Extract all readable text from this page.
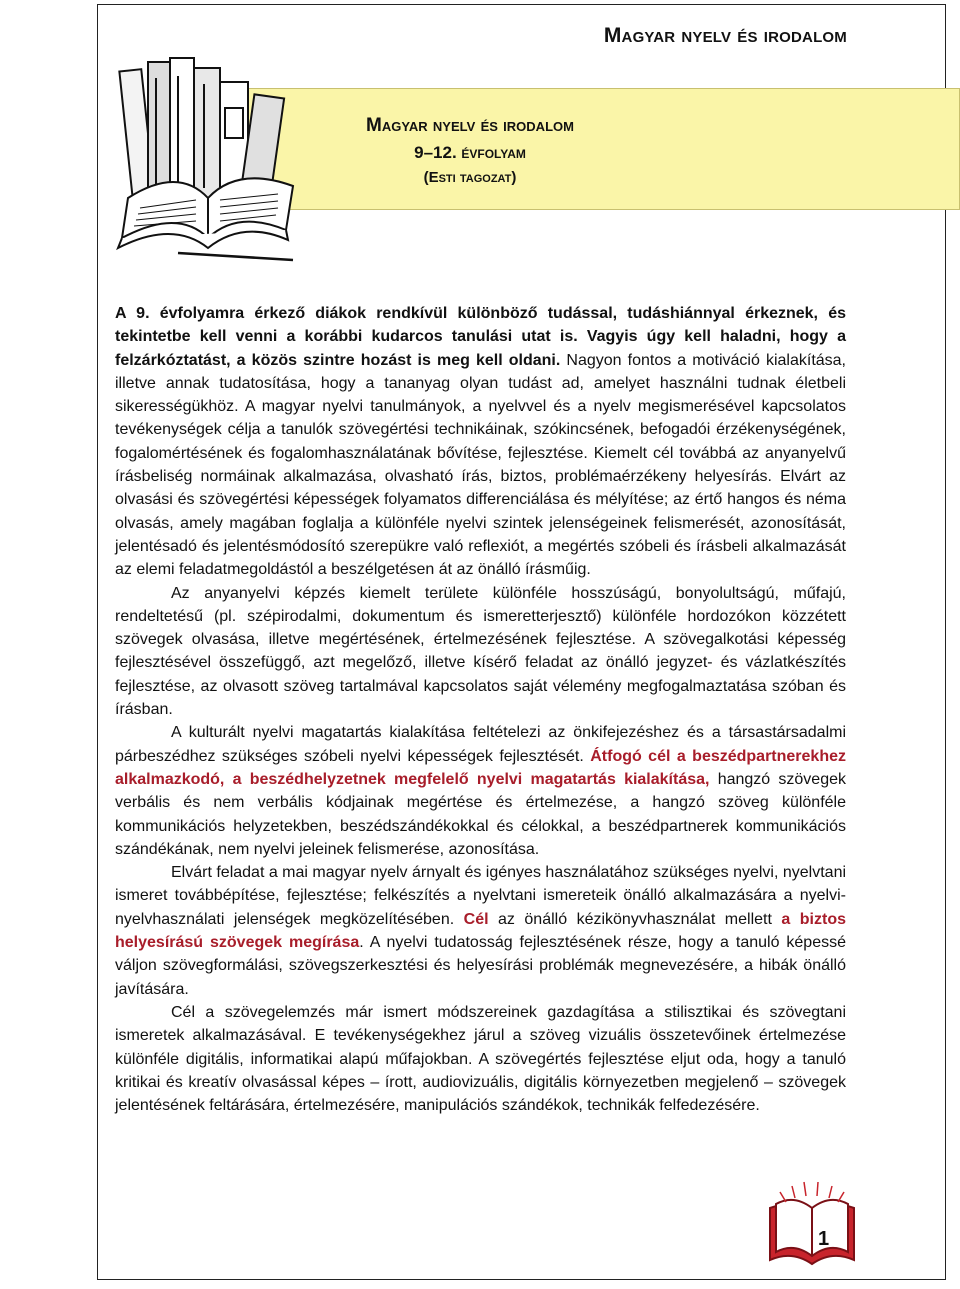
Magyar nyelv és irodalom
Magyar nyelv és irodalom
9–12. évfolyam
(Esti tagozat)

A 9. évfolyamra érkező diákok rendkívül különböző tudással, tudáshiánnyal érkeznek, és tekintetbe kell venni a korábbi kudarcos tanulási utat is. Vagyis úgy kell haladni, hogy a felzárkóztatást, a közös szintre hozást is meg kell oldani. Nagyon fontos a motiváció kialakítása, illetve annak tudatosítása, hogy a tananyag olyan tudást ad, amelyet használni tudnak életbeli sikerességükhöz. A magyar nyelvi tanulmányok, a nyelvvel és a nyelv megismerésével kapcsolatos tevékenységek célja a tanulók szövegértési technikáinak, szókincsének, befogadói érzékenységének, fogalomértésének és fogalomhasználatának bővítése, fejlesztése. Kiemelt cél továbbá az anyanyelvű írásbeliség normáinak alkalmazása, olvasható írás, biztos, problémaérzékeny helyesírás. Elvárt az olvasási és szövegértési képességek folyamatos differenciálása és mélyítése; az értő hangos és néma olvasás, amely magában foglalja a különféle nyelvi szintek jelenségeinek felismerését, azonosítását, jelentésadó és jelentésmódosító szerepükre való reflexiót, a megértés szóbeli és írásbeli alkalmazását az elemi feladatmegoldástól a beszélgetésen át az önálló írásműig.

Az anyanyelvi képzés kiemelt területe különféle hosszúságú, bonyolultságú, műfajú, rendeltetésű (pl. szépirodalmi, dokumentum és ismeretterjesztő) különféle hordozókon közzétett szövegek olvasása, illetve megértésének, értelmezésének fejlesztése. A szövegalkotási képesség fejlesztésével összefüggő, azt megelőző, illetve kísérő feladat az önálló jegyzet- és vázlatkészítés fejlesztése, az olvasott szöveg tartalmával kapcsolatos saját vélemény megfogalmaztatása szóban és írásban.

A kulturált nyelvi magatartás kialakítása feltételezi az önkifejezéshez és a társastársadalmi párbeszédhez szükséges szóbeli nyelvi képességek fejlesztését. Átfogó cél a beszédpartnerekhez alkalmazkodó, a beszédhelyzetnek megfelelő nyelvi magatartás kialakítása, hangzó szövegek verbális és nem verbális kódjainak megértése és értelmezése, a hangzó szöveg különféle kommunikációs helyzetekben, beszédszándékokkal és célokkal, a beszédpartnerek kommunikációs szándékának, nem nyelvi jeleinek felismerése, azonosítása.

Elvárt feladat a mai magyar nyelv árnyalt és igényes használatához szükséges nyelvi, nyelvtani ismeret továbbépítése, fejlesztése; felkészítés a nyelvtani ismereteik önálló alkalmazására a nyelvi-nyelvhasználati jelenségek megközelítésében. Cél az önálló kézikönyvhasználat mellett a biztos helyesírású szövegek megírása. A nyelvi tudatosság fejlesztésének része, hogy a tanuló képessé váljon szövegformálási, szövegszerkesztési és helyesírási problémák megnevezésére, a hibák önálló javítására.

Cél a szövegelemzés már ismert módszereinek gazdagítása a stilisztikai és szövegtani ismeretek alkalmazásával. E tevékenységekhez járul a szöveg vizuális összetevőinek értelmezése különféle digitális, informatikai alapú műfajokban. A szövegértés fejlesztése eljut oda, hogy a tanuló kritikai és kreatív olvasással képes – írott, audiovizuális, digitális környezetben megjelenő – szövegek jelentésének feltárására, értelmezésére, manipulációs szándékok, technikák felfedezésére.

1
